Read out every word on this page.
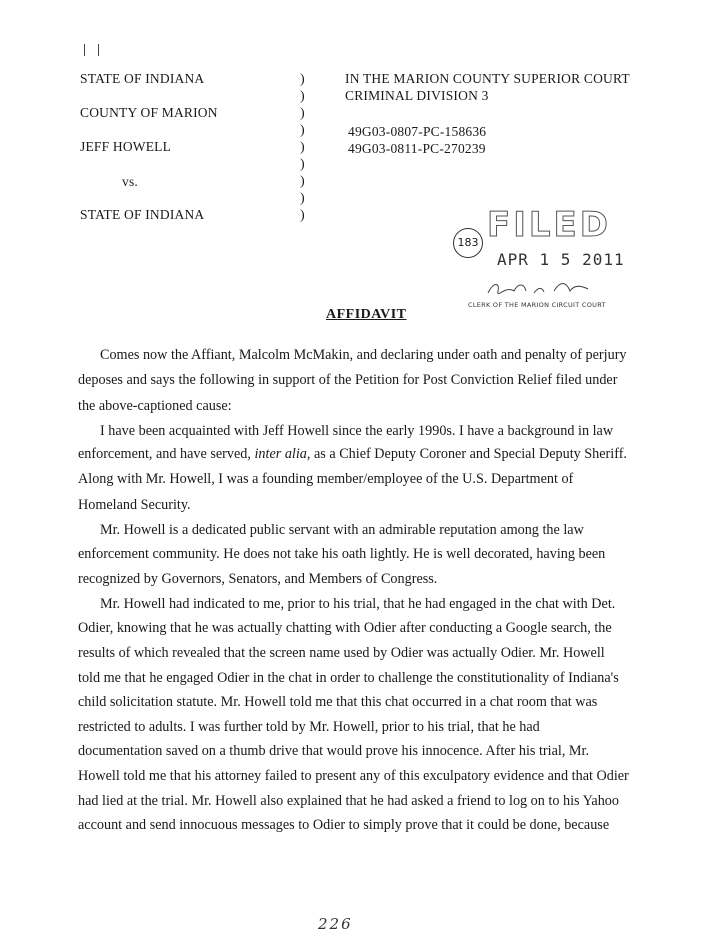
STATE OF INDIANA
COUNTY OF MARION
JEFF HOWELL
vs.
STATE OF INDIANA
)
)
)
)
)
)
)
)
)
IN THE MARION COUNTY SUPERIOR COURT
CRIMINAL DIVISION 3
49G03-0807-PC-158636
49G03-0811-PC-270239
183 FILED
APR 1 5 2011
CLERK OF THE MARION CIRCUIT COURT
AFFIDAVIT
Comes now the Affiant, Malcolm McMakin, and declaring under oath and penalty of perjury
deposes and says the following in support of the Petition for Post Conviction Relief filed under
the above-captioned cause:
I have been acquainted with Jeff Howell since the early 1990s. I have a background in law
enforcement, and have served, inter alia, as a Chief Deputy Coroner and Special Deputy Sheriff.
Along with Mr. Howell, I was a founding member/employee of the U.S. Department of
Homeland Security.
Mr. Howell is a dedicated public servant with an admirable reputation among the law
enforcement community. He does not take his oath lightly. He is well decorated, having been
recognized by Governors, Senators, and Members of Congress.
Mr. Howell had indicated to me, prior to his trial, that he had engaged in the chat with Det.
Odier, knowing that he was actually chatting with Odier after conducting a Google search, the
results of which revealed that the screen name used by Odier was actually Odier. Mr. Howell
told me that he engaged Odier in the chat in order to challenge the constitutionality of Indiana's
child solicitation statute. Mr. Howell told me that this chat occurred in a chat room that was
restricted to adults. I was further told by Mr. Howell, prior to his trial, that he had
documentation saved on a thumb drive that would prove his innocence. After his trial, Mr.
Howell told me that his attorney failed to present any of this exculpatory evidence and that Odier
had lied at the trial. Mr. Howell also explained that he had asked a friend to log on to his Yahoo
account and send innocuous messages to Odier to simply prove that it could be done, because
226
